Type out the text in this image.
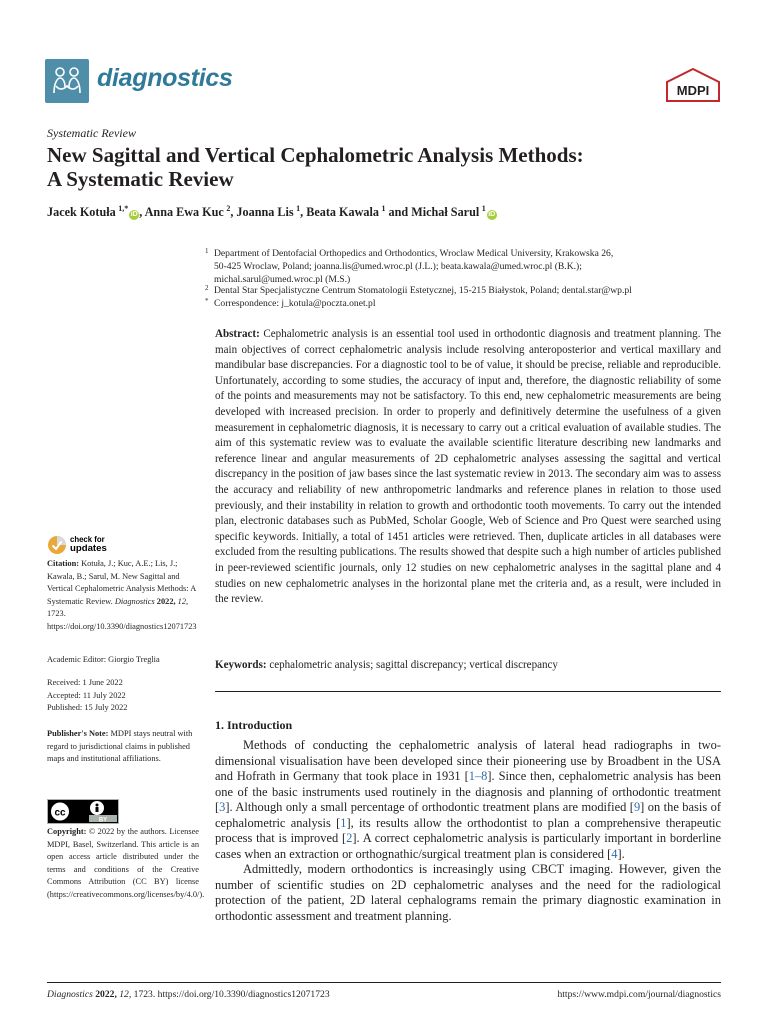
diagnostics	MDPI
Systematic Review
New Sagittal and Vertical Cephalometric Analysis Methods:
A Systematic Review
Jacek Kotuła  $^{1,*}$iD , Anna Ewa Kuc  $^2$, Joanna Lis  $^1$, Beata Kawala  $^1$ and Michał Sarul  $^1$iD
1 Department of Dentofacial Orthopedics and Orthodontics, Wroclaw Medical University, Krakowska 26,
50-425 Wroclaw, Poland; joanna.lis@umed.wroc.pl (J.L.); beata.kawala@umed.wroc.pl (B.K.);
michal.sarul@umed.wroc.pl (M.S.)
2 Dental Star Specjalistyczne Centrum Stomatologii Estetycznej, 15-215 Białystok, Poland; dental.star@wp.pl
* Correspondence: j_kotula@poczta.onet.pl
Abstract: Cephalometric analysis is an essential tool used in orthodontic diagnosis and treatment planning. The main objectives of correct cephalometric analysis include resolving anteroposterior and vertical maxillary and mandibular base discrepancies. For a diagnostic tool to be of value, it should be precise, reliable and reproducible. Unfortunately, according to some studies, the accuracy of input and, therefore, the diagnostic reliability of some of the points and measurements may not be satisfactory. To this end, new cephalometric measurements are being developed with increased precision. In order to properly and definitively determine the usefulness of a given measurement in cephalometric diagnosis, it is necessary to carry out a critical evaluation of available studies. The aim of this systematic review was to evaluate the available scientific literature describing new landmarks and reference linear and angular measurements of 2D cephalometric analyses assessing the sagittal and vertical discrepancy in the position of jaw bases since the last systematic review in 2013. The secondary aim was to assess the accuracy and reliability of new anthropometric landmarks and reference planes in relation to those used previously, and their instability in relation to growth and orthodontic tooth movements. To carry out the intended plan, electronic databases such as PubMed, Scholar Google, Web of Science and Pro Quest were searched using specific keywords. Initially, a total of 1451 articles were retrieved. Then, duplicate articles in all databases were excluded from the resulting publications. The results showed that despite such a high number of articles published in peer-reviewed scientific journals, only 12 studies on new cephalometric analyses in the sagittal plane and 4 studies on new cephalometric analyses in the horizontal plane met the criteria and, as a result, were included in the review.
Keywords: cephalometric analysis; sagittal discrepancy; vertical discrepancy
check for
updates
Citation: Kotuła, J.; Kuc, A.E.; Lis, J.; Kawala, B.; Sarul, M. New Sagittal and Vertical Cephalometric Analysis Methods: A Systematic Review. Diagnostics 2022, 12, 1723. https://doi.org/10.3390/diagnostics12071723
Academic Editor: Giorgio Treglia
Received: 1 June 2022
Accepted: 11 July 2022
Published: 15 July 2022
Publisher's Note: MDPI stays neutral with regard to jurisdictional claims in published maps and institutional affiliations.
cc
BY
Copyright: © 2022 by the authors. Licensee MDPI, Basel, Switzerland. This article is an open access article distributed under the terms and conditions of the Creative Commons Attribution (CC BY) license (https://creativecommons.org/licenses/by/4.0/).
1. Introduction

Methods of conducting the cephalometric analysis of lateral head radiographs in two-dimensional visualisation have been developed since their pioneering use by Broadbent in the USA and Hofrath in Germany that took place in 1931 [1–8]. Since then, cephalometric analysis has been one of the basic instruments used routinely in the diagnosis and planning of orthodontic treatment [3]. Although only a small percentage of orthodontic treatment plans are modified [9] on the basis of cephalometric analysis [1], its results allow the orthodontist to plan a comprehensive therapeutic process that is improved [2]. A correct cephalometric analysis is particularly important in borderline cases when an extraction or orthognathic/surgical treatment plan is considered [4].

Admittedly, modern orthodontics is increasingly using CBCT imaging. However, given the number of scientific studies on 2D cephalometric analyses and the need for the radiological protection of the patient, 2D lateral cephalograms remain the primary diagnostic examination in orthodontic assessment and treatment planning.

Diagnostics 2022, 12, 1723. https://doi.org/10.3390/diagnostics12071723	https://www.mdpi.com/journal/diagnostics
